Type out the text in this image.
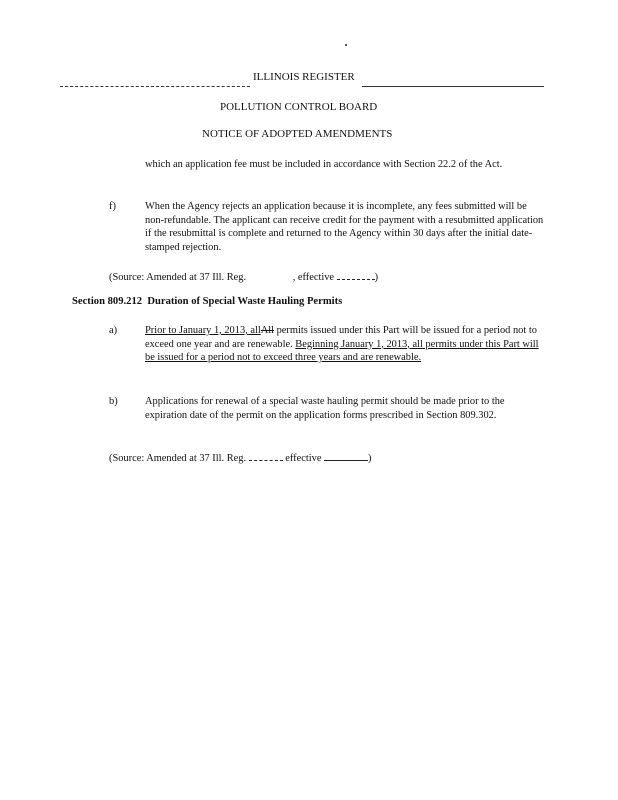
ILLINOIS REGISTER
POLLUTION CONTROL BOARD
NOTICE OF ADOPTED AMENDMENTS
which an application fee must be included in accordance with Section 22.2 of the Act.
f)	When the Agency rejects an application because it is incomplete, any fees submitted will be non-refundable. The applicant can receive credit for the payment with a resubmitted application if the resubmittal is complete and returned to the Agency within 30 days after the initial date-stamped rejection.
(Source: Amended at 37 Ill. Reg.	, effective	)
Section 809.212 Duration of Special Waste Hauling Permits
a)	Prior to January 1, 2013, allAll permits issued under this Part will be issued for a period not to exceed one year and are renewable. Beginning January 1, 2013, all permits under this Part will be issued for a period not to exceed three years and are renewable.
b)	Applications for renewal of a special waste hauling permit should be made prior to the expiration date of the permit on the application forms prescribed in Section 809.302.
(Source: Amended at 37 Ill. Reg.	effective	)
